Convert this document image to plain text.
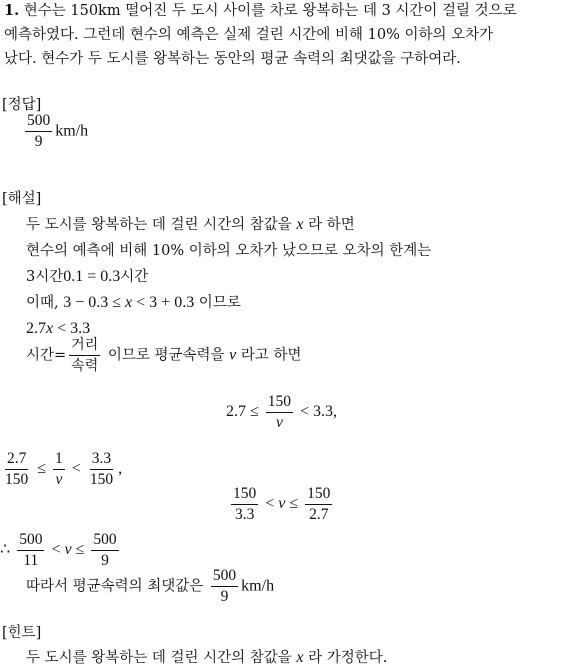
1. 현수는 150km 떨어진 두 도시 사이를 차로 왕복하는 데 3 시간이 걸릴 것으로
예측하였다. 그런데 현수의 예측은 실제 걸린 시간에 비해 10% 이하의 오차가
났다. 현수가 두 도시를 왕복하는 동안의 평균 속력의 최댓값을 구하여라.
[정답]
$\frac{500}{9} km/h$
[해설]
두 도시를 왕복하는 데 걸린 시간의 참값을 x 라 하면
현수의 예측에 비해 10% 이하의 오차가 났으므로 오차의 한계는
3시간0.1 = 0.3시간
이때, 3 − 0.3 ≤ x < 3 + 0.3 이므로
2.7x < 3.3
시간= $\frac{\text{거리}}{\text{속력}}$ 이므로 평균속력을 v 라고 하면
$2.7 \le \frac{150}{v} < 3.3$,
$\frac{2.7}{150} \le \frac{1}{v} < \frac{3.3}{150}$ ,
$\frac{150}{3.3} < v \le \frac{150}{2.7}$
∴ $\frac{500}{11} < v \le \frac{500}{9}$
따라서 평균속력의 최댓값은 $\frac{500}{9} km/h$
[힌트]
두 도시를 왕복하는 데 걸린 시간의 참값을 x 라 가정한다.
